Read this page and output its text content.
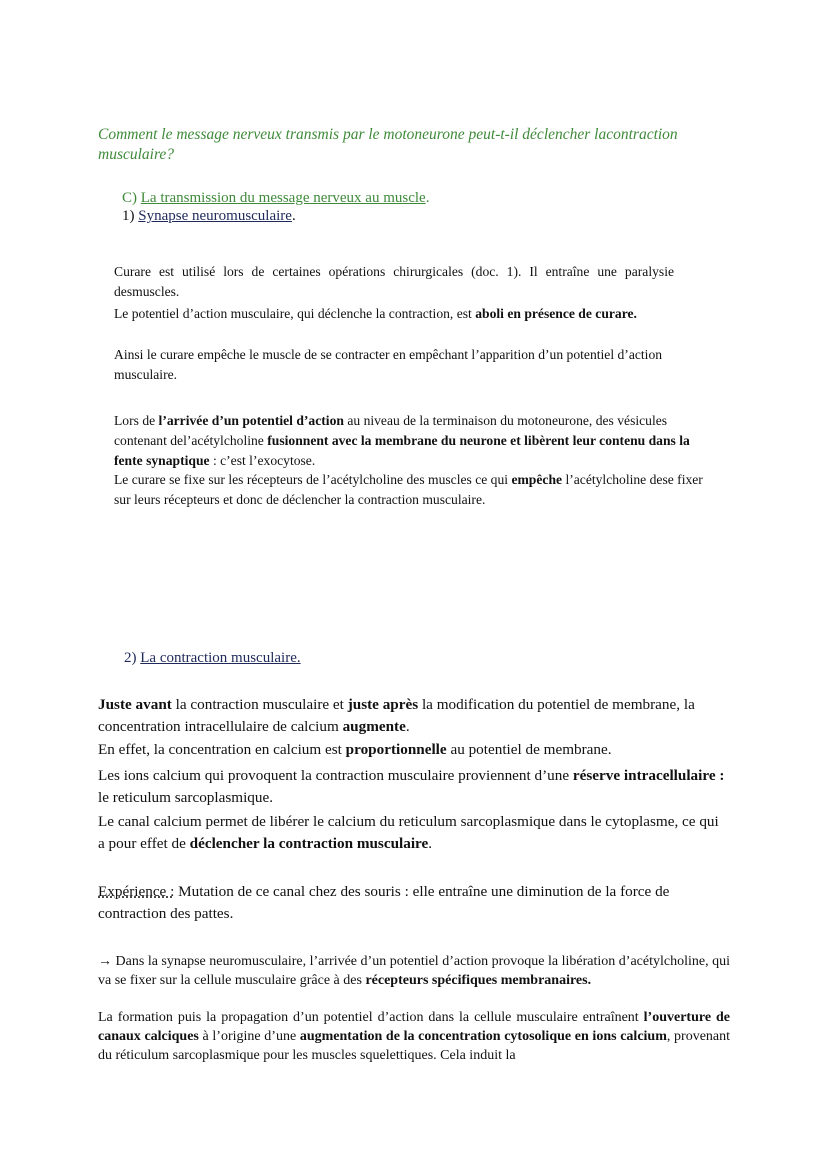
Comment le message nerveux transmis par le motoneurone peut-t-il déclencher lacontraction musculaire?
C) La transmission du message nerveux au muscle.
1) Synapse neuromusculaire.

Curare est utilisé lors de certaines opérations chirurgicales (doc. 1). Il entraîne une paralysie desmuscles.

Le potentiel d’action musculaire, qui déclenche la contraction, est aboli en présence de curare.

Ainsi le curare empêche le muscle de se contracter en empêchant l’apparition d’un potentiel d’action musculaire.

Lors de l’arrivée d’un potentiel d’action au niveau de la terminaison du motoneurone, des vésicules contenant del’acétylcholine fusionnent avec la membrane du neurone et libèrent leur contenu dans la fente synaptique : c’est l’exocytose.

Le curare se fixe sur les récepteurs de l’acétylcholine des muscles ce qui empêche l’acétylcholine dese fixer sur leurs récepteurs et donc de déclencher la contraction musculaire.

2) La contraction musculaire.

Juste avant la contraction musculaire et juste après la modification du potentiel de membrane, la concentration intracellulaire de calcium augmente.

En effet, la concentration en calcium est proportionnelle au potentiel de membrane.

Les ions calcium qui provoquent la contraction musculaire proviennent d’une réserve intracellulaire : le reticulum sarcoplasmique.

Le canal calcium permet de libérer le calcium du reticulum sarcoplasmique dans le cytoplasme, ce qui a pour effet de déclencher la contraction musculaire.

Expérience : Mutation de ce canal chez des souris : elle entraîne une diminution de la force de contraction des pattes.

→ Dans la synapse neuromusculaire, l’arrivée d’un potentiel d’action provoque la libération d’acétylcholine, qui va se fixer sur la cellule musculaire grâce à des récepteurs spécifiques membranaires.

La formation puis la propagation d’un potentiel d’action dans la cellule musculaire entraînent l’ouverture de canaux calciques à l’origine d’une augmentation de la concentration cytosolique en ions calcium, provenant du réticulum sarcoplasmique pour les muscles squelettiques. Cela induit la
